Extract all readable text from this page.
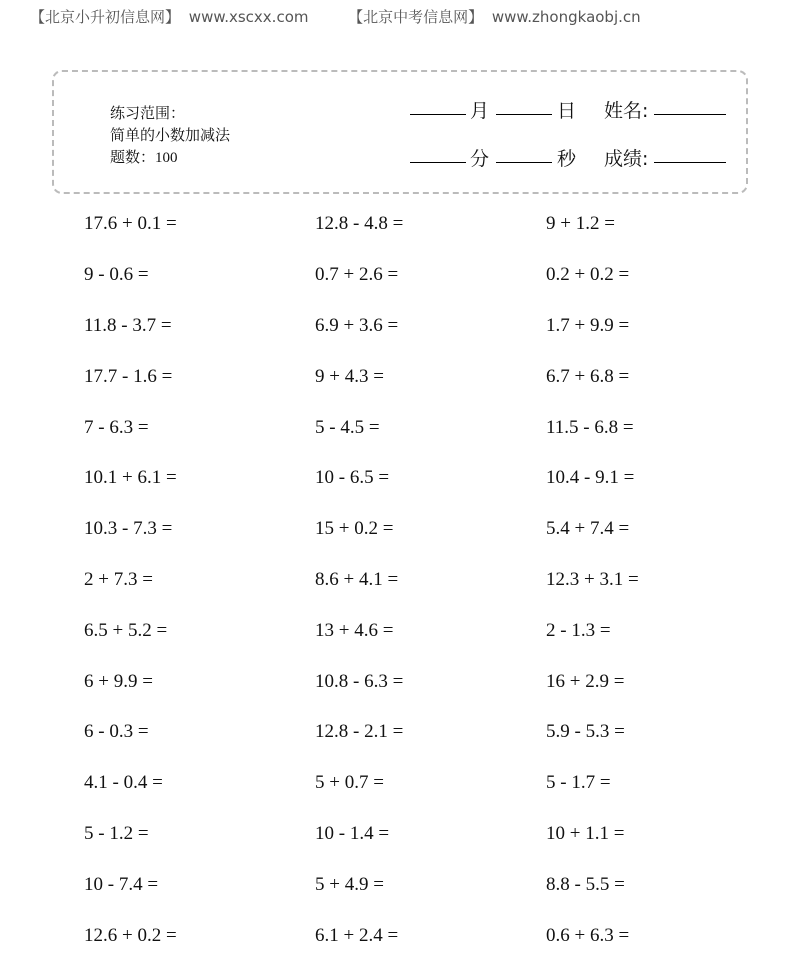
【北京小升初信息网】 www.xscxx.com	【北京中考信息网】 www.zhongkaobj.cn
练习范围：
简单的小数加减法
题数：100
月	日 姓名:
分	秒 成绩:
17.6 + 0.1 =	12.8 - 4.8 =	9 + 1.2 =
9 - 0.6 =	0.7 + 2.6 =	0.2 + 0.2 =
11.8 - 3.7 =	6.9 + 3.6 =	1.7 + 9.9 =
17.7 - 1.6 =	9 + 4.3 =	6.7 + 6.8 =
7 - 6.3 =	5 - 4.5 =	11.5 - 6.8 =
10.1 + 6.1 =	10 - 6.5 =	10.4 - 9.1 =
10.3 - 7.3 =	15 + 0.2 =	5.4 + 7.4 =
2 + 7.3 =	8.6 + 4.1 =	12.3 + 3.1 =
6.5 + 5.2 =	13 + 4.6 =	2 - 1.3 =
6 + 9.9 =	10.8 - 6.3 =	16 + 2.9 =
6 - 0.3 =	12.8 - 2.1 =	5.9 - 5.3 =
4.1 - 0.4 =	5 + 0.7 =	5 - 1.7 =
5 - 1.2 =	10 - 1.4 =	10 + 1.1 =
10 - 7.4 =	5 + 4.9 =	8.8 - 5.5 =
12.6 + 0.2 =	6.1 + 2.4 =	0.6 + 6.3 =
